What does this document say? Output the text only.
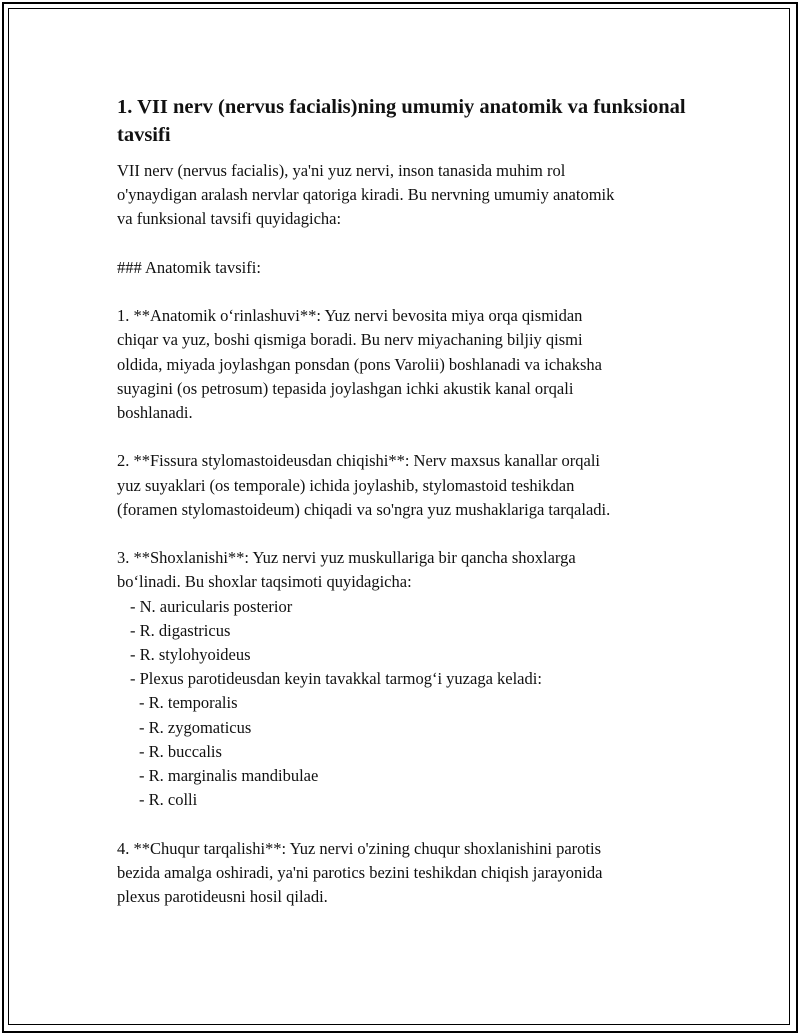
1. VII nerv (nervus facialis)ning umumiy anatomik va funksional tavsifi

VII nerv (nervus facialis), ya'ni yuz nervi, inson tanasida muhim rol

o'ynaydigan aralash nervlar qatoriga kiradi. Bu nervning umumiy anatomik

va funksional tavsifi quyidagicha:

### Anatomik tavsifi:

1. **Anatomik o‘rinlashuvi**: Yuz nervi bevosita miya orqa qismidan

chiqar va yuz, boshi qismiga boradi. Bu nerv miyachaning biljiy qismi

oldida, miyada joylashgan ponsdan (pons Varolii) boshlanadi va ichaksha

suyagini (os petrosum) tepasida joylashgan ichki akustik kanal orqali

boshlanadi.

2. **Fissura stylomastoideusdan chiqishi**: Nerv maxsus kanallar orqali

yuz suyaklari (os temporale) ichida joylashib, stylomastoid teshikdan

(foramen stylomastoideum) chiqadi va so'ngra yuz mushaklariga tarqaladi.

3. **Shoxlanishi**: Yuz nervi yuz muskullariga bir qancha shoxlarga

bo‘linadi. Bu shoxlar taqsimoti quyidagicha:

- N. auricularis posterior

- R. digastricus

- R. stylohyoideus

- Plexus parotideusdan keyin tavakkal tarmog‘i yuzaga keladi:

- R. temporalis

- R. zygomaticus

- R. buccalis

- R. marginalis mandibulae

- R. colli

4. **Chuqur tarqalishi**: Yuz nervi o'zining chuqur shoxlanishini parotis

bezida amalga oshiradi, ya'ni parotics bezini teshikdan chiqish jarayonida

plexus parotideusni hosil qiladi.
